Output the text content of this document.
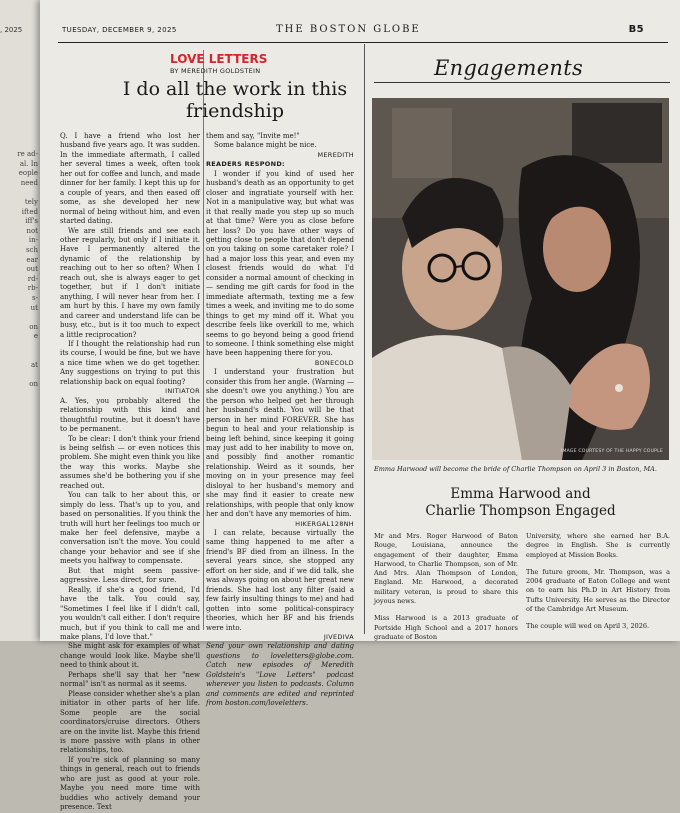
, 2025
re ad-
al. In
eople
need

tely
ifted
iff's
not
in-
sch
ear
out
rd-
rb-
s-
ut

on
e

at

on
TUESDAY, DECEMBER 9, 2025	THE BOSTON GLOBE	B5
LOVE LETTERS
BY MEREDITH GOLDSTEIN
I do all the work in this friendship

Q. I have a friend who lost her husband five years ago. It was sudden. In the immediate aftermath, I called her several times a week, often took her out for coffee and lunch, and made dinner for her family. I kept this up for a couple of years, and then eased off some, as she developed her new normal of being without him, and even started dating.

We are still friends and see each other regularly, but only if I initiate it. Have I permanently altered the dynamic of the relationship by reaching out to her so often? When I reach out, she is always eager to get together, but if I don't initiate anything, I will never hear from her. I am hurt by this. I have my own family and career and understand life can be busy, etc., but is it too much to expect a little reciprocation?

If I thought the relationship had run its course, I would be fine, but we have a nice time when we do get together. Any suggestions on trying to put this relationship back on equal footing?

INITIATOR

A. Yes, you probably altered the relationship with this kind and thoughtful routine, but it doesn't have to be permanent.

To be clear: I don't think your friend is being selfish — or even notices this problem. She might even think you like the way this works. Maybe she assumes she'd be bothering you if she reached out.

You can talk to her about this, or simply do less. That's up to you, and based on personalities. If you think the truth will hurt her feelings too much or make her feel defensive, maybe a conversation isn't the move. You could change your behavior and see if she meets you halfway to compensate.

But that might seem passive-aggressive. Less direct, for sure.

Really, if she's a good friend, I'd have the talk. You could say, "Sometimes I feel like if I didn't call, you wouldn't call either. I don't require much, but if you think to call me and make plans, I'd love that."

She might ask for examples of what change would look like. Maybe she'll need to think about it.

Perhaps she'll say that her "new normal" isn't as normal as it seems.

Please consider whether she's a plan initiator in other parts of her life. Some people are the social coordinators/cruise directors. Others are on the invite list. Maybe this friend is more passive with plans in other relationships, too.

If you're sick of planning so many things in general, reach out to friends who are just as good at your role. Maybe you need more time with buddies who actively demand your presence. Text

them and say, "Invite me!"

Some balance might be nice.

MEREDITH

READERS RESPOND:

I wonder if you kind of used her husband's death as an opportunity to get closer and ingratiate yourself with her. Not in a manipulative way, but what was it that really made you step up so much at that time? Were you as close before her loss? Do you have other ways of getting close to people that don't depend on you taking on some caretaker role? I had a major loss this year, and even my closest friends would do what I'd consider a normal amount of checking in — sending me gift cards for food in the immediate aftermath, texting me a few times a week, and inviting me to do some things to get my mind off it. What you describe feels like overkill to me, which seems to go beyond being a good friend to someone. I think something else might have been happening there for you.

BONECOLD

I understand your frustration but consider this from her angle. (Warning — she doesn't owe you anything.) You are the person who helped get her through her husband's death. You will be that person in her mind FOREVER. She has begun to heal and your relationship is being left behind, since keeping it going may just add to her inability to move on, and possibly find another romantic relationship. Weird as it sounds, her moving on in your presence may feel disloyal to her husband's memory and she may find it easier to create new relationships, with people that only know her and don't have any memories of him.

HIKERGAL128NH

I can relate, because virtually the same thing happened to me after a friend's BF died from an illness. In the several years since, she stopped any effort on her side, and if we did talk, she was always going on about her great new friends. She had lost any filter (said a few fairly insulting things to me) and had gotten into some political-conspiracy theories, which her BF and his friends were into.

JIVEDIVA

Send your own relationship and dating questions to loveletters@globe.com. Catch new episodes of Meredith Goldstein's "Love Letters" podcast wherever you listen to podcasts. Column and comments are edited and reprinted from boston.com/loveletters.

Engagements
IMAGE COURTESY OF THE HAPPY COUPLE
Emma Harwood will become the bride of Charlie Thompson on April 3 in Boston, MA.
Emma Harwood and
Charlie Thompson Engaged

Mr and Mrs. Roger Harwood of Baton Rouge, Louisiana, announce the engagement of their daughter, Emma Harwood, to Charlie Thompson, son of Mr. And Mrs. Alan Thompson of London, England. Mr. Harwood, a decorated military veteran, is proud to share this joyous news.

Miss Harwood is a 2013 graduate of Portside High School and a 2017 honors graduate of Boston

University, where she earned her B.A. degree in English. She is currently employed at Mission Books.

The future groom, Mr. Thompson, was a 2004 graduate of Eaton College and went on to earn his Ph.D in Art History from Tufts University. He serves as the Director of the Cambridge Art Museum.

The couple will wed on April 3, 2026.
